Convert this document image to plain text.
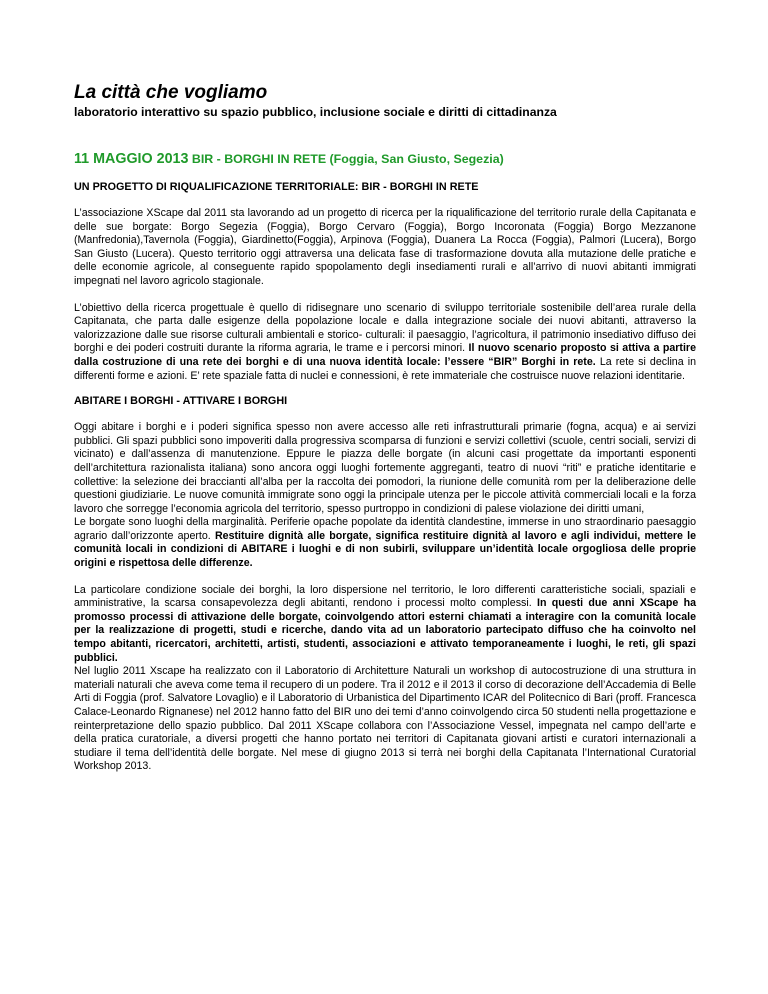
La città che vogliamo
laboratorio interattivo su spazio pubblico, inclusione sociale e diritti di cittadinanza
11 MAGGIO 2013 BIR - BORGHI IN RETE (Foggia, San Giusto, Segezia)
UN PROGETTO DI RIQUALIFICAZIONE TERRITORIALE: BIR - BORGHI IN RETE

L’associazione XScape dal 2011 sta lavorando ad un progetto di ricerca per la riqualificazione del territorio rurale della Capitanata e delle sue borgate: Borgo Segezia (Foggia), Borgo Cervaro (Foggia), Borgo Incoronata (Foggia) Borgo Mezzanone (Manfredonia),Tavernola (Foggia), Giardinetto(Foggia), Arpinova (Foggia), Duanera La Rocca (Foggia), Palmori (Lucera), Borgo San Giusto (Lucera). Questo territorio oggi attraversa una delicata fase di trasformazione dovuta alla mutazione delle pratiche e delle economie agricole, al conseguente rapido spopolamento degli insediamenti rurali e all’arrivo di nuovi abitanti immigrati impegnati nel lavoro agricolo stagionale.

L’obiettivo della ricerca progettuale è quello di ridisegnare uno scenario di sviluppo territoriale sostenibile dell’area rurale della Capitanata, che parta dalle esigenze della popolazione locale e dalla integrazione sociale dei nuovi abitanti, attraverso la valorizzazione dalle sue risorse culturali ambientali e storico- culturali: il paesaggio, l’agricoltura, il patrimonio insediativo diffuso dei borghi e dei poderi costruiti durante la riforma agraria, le trame e i percorsi minori. Il nuovo scenario proposto si attiva a partire dalla costruzione di una rete dei borghi e di una nuova identità locale: l’essere “BIR” Borghi in rete. La rete si declina in differenti forme e azioni. E’ rete spaziale fatta di nuclei e connessioni, è rete immateriale che costruisce nuove relazioni identitarie.

ABITARE I BORGHI - ATTIVARE I BORGHI

Oggi abitare i borghi e i poderi significa spesso non avere accesso alle reti infrastrutturali primarie (fogna, acqua) e ai servizi pubblici. Gli spazi pubblici sono impoveriti dalla progressiva scomparsa di funzioni e servizi collettivi (scuole, centri sociali, servizi di vicinato) e dall’assenza di manutenzione. Eppure le piazza delle borgate (in alcuni casi progettate da importanti esponenti dell’architettura razionalista italiana) sono ancora oggi luoghi fortemente aggreganti, teatro di nuovi “riti” e pratiche identitarie e collettive: la selezione dei braccianti all’alba per la raccolta dei pomodori, la riunione delle comunità rom per la deliberazione delle questioni giudiziarie. Le nuove comunità immigrate sono oggi la principale utenza per le piccole attività commerciali locali e la forza lavoro che sorregge l’economia agricola del territorio, spesso purtroppo in condizioni di palese violazione dei diritti umani,

Le borgate sono luoghi della marginalità. Periferie opache popolate da identità clandestine, immerse in uno straordinario paesaggio agrario dall’orizzonte aperto. Restituire dignità alle borgate, significa restituire dignità al lavoro e agli individui, mettere le comunità locali in condizioni di ABITARE i luoghi e di non subirli, sviluppare un’identità locale orgogliosa delle proprie origini e rispettosa delle differenze.

La particolare condizione sociale dei borghi, la loro dispersione nel territorio, le loro differenti caratteristiche sociali, spaziali e amministrative, la scarsa consapevolezza degli abitanti, rendono i processi molto complessi. In questi due anni XScape ha promosso processi di attivazione delle borgate, coinvolgendo attori esterni chiamati a interagire con la comunità locale per la realizzazione di progetti, studi e ricerche, dando vita ad un laboratorio partecipato diffuso che ha coinvolto nel tempo abitanti, ricercatori, architetti, artisti, studenti, associazioni e attivato temporaneamente i luoghi, le reti, gli spazi pubblici.

Nel luglio 2011 Xscape ha realizzato con il Laboratorio di Architetture Naturali un workshop di autocostruzione di una struttura in materiali naturali che aveva come tema il recupero di un podere. Tra il 2012 e il 2013 il corso di decorazione dell’Accademia di Belle Arti di Foggia (prof. Salvatore Lovaglio) e il Laboratorio di Urbanistica del Dipartimento ICAR del Politecnico di Bari (proff. Francesca Calace-Leonardo Rignanese) nel 2012 hanno fatto del BIR uno dei temi d’anno coinvolgendo circa 50 studenti nella progettazione e reinterpretazione dello spazio pubblico. Dal 2011 XScape collabora con l’Associazione Vessel, impegnata nel campo dell’arte e della pratica curatoriale, a diversi progetti che hanno portato nei territori di Capitanata giovani artisti e curatori internazionali a studiare il tema dell’identità delle borgate. Nel mese di giugno 2013 si terrà nei borghi della Capitanata l’International Curatorial Workshop 2013.
